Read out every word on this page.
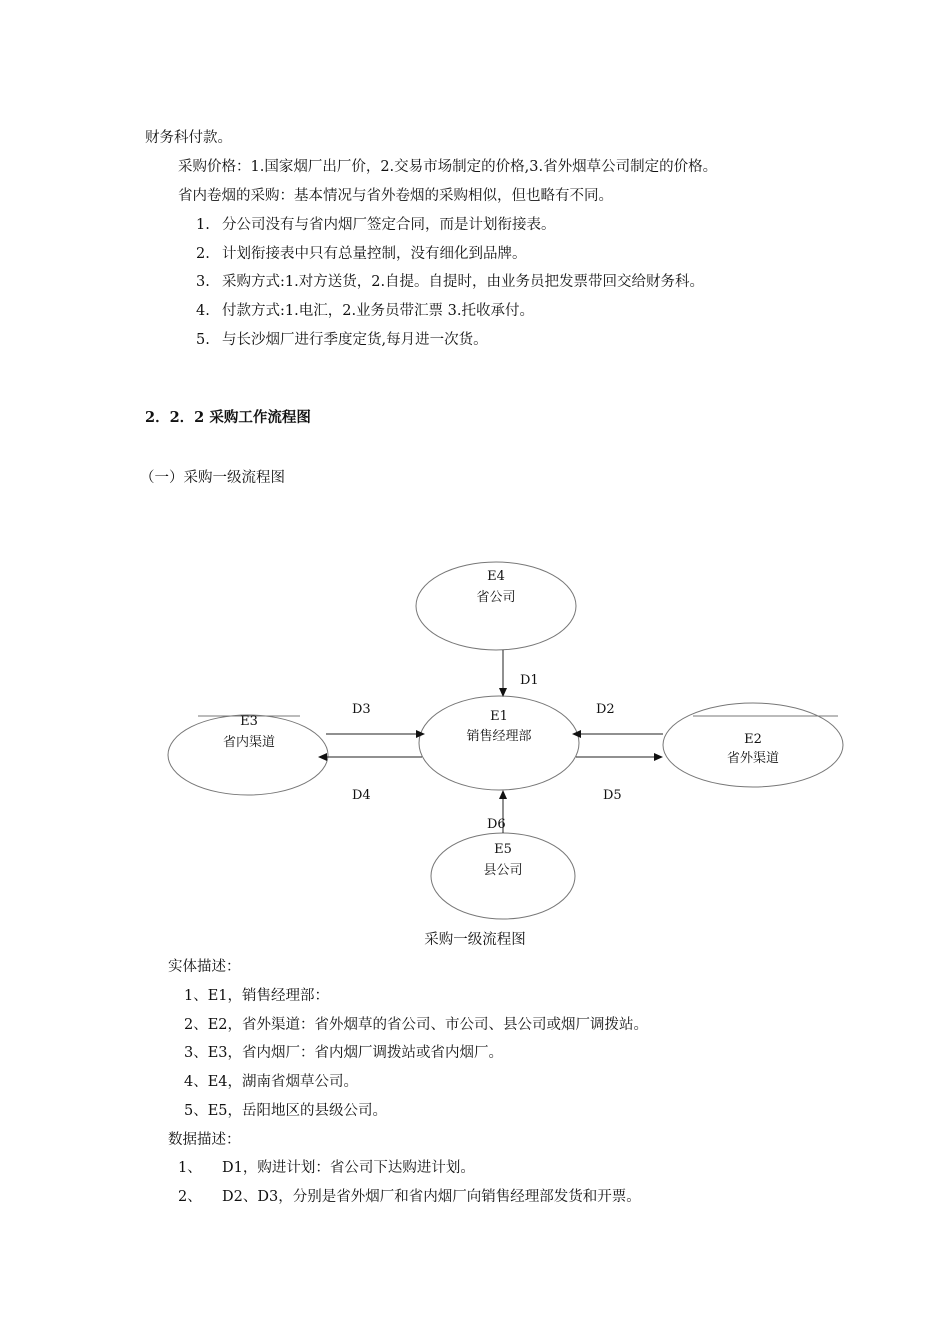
财务科付款。
采购价格：1.国家烟厂出厂价，2.交易市场制定的价格,3.省外烟草公司制定的价格。
省内卷烟的采购：基本情况与省外卷烟的采购相似，但也略有不同。
1. 分公司没有与省内烟厂签定合同，而是计划衔接表。
2. 计划衔接表中只有总量控制，没有细化到品牌。
3. 采购方式:1.对方送货，2.自提。自提时，由业务员把发票带回交给财务科。
4. 付款方式:1.电汇，2.业务员带汇票 3.托收承付。
5. 与长沙烟厂进行季度定货,每月进一次货。
2．2．2 采购工作流程图
（一）采购一级流程图
E4
省公司
E1
销售经理部
E3
省内渠道	E2
省外渠道
E5
县公司
D1
D2
D3
D4	D5
D6
采购一级流程图
实体描述：
1、E1，销售经理部：
2、E2，省外渠道：省外烟草的省公司、市公司、县公司或烟厂调拨站。
3、E3，省内烟厂：省内烟厂调拨站或省内烟厂。
4、E4，湖南省烟草公司。
5、E5，岳阳地区的县级公司。
数据描述：
1、 D1，购进计划：省公司下达购进计划。
2、 D2、D3，分别是省外烟厂和省内烟厂向销售经理部发货和开票。
